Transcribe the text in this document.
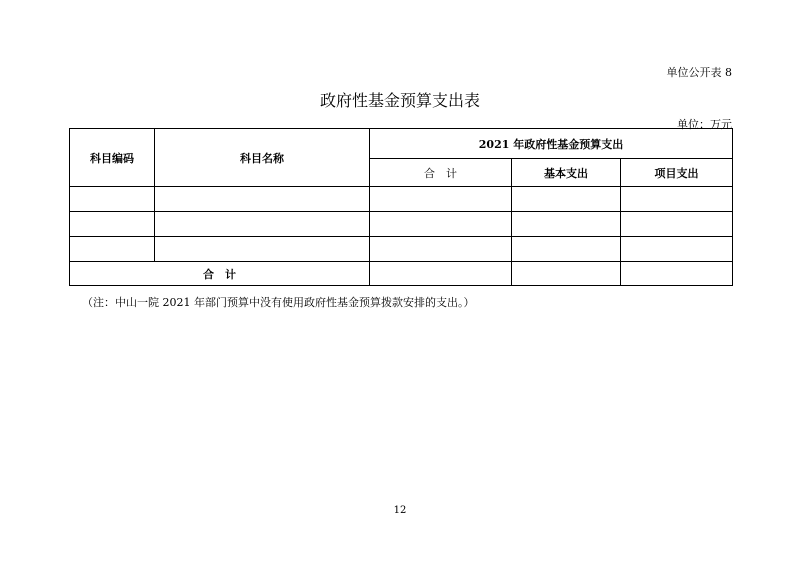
单位公开表 8
政府性基金预算支出表
单位：万元
科目编码	科目名称	2021 年政府性基金预算支出		
		合　计	基本支出	项目支出

合　计				
（注：中山一院 2021 年部门预算中没有使用政府性基金预算拨款安排的支出。）
12
